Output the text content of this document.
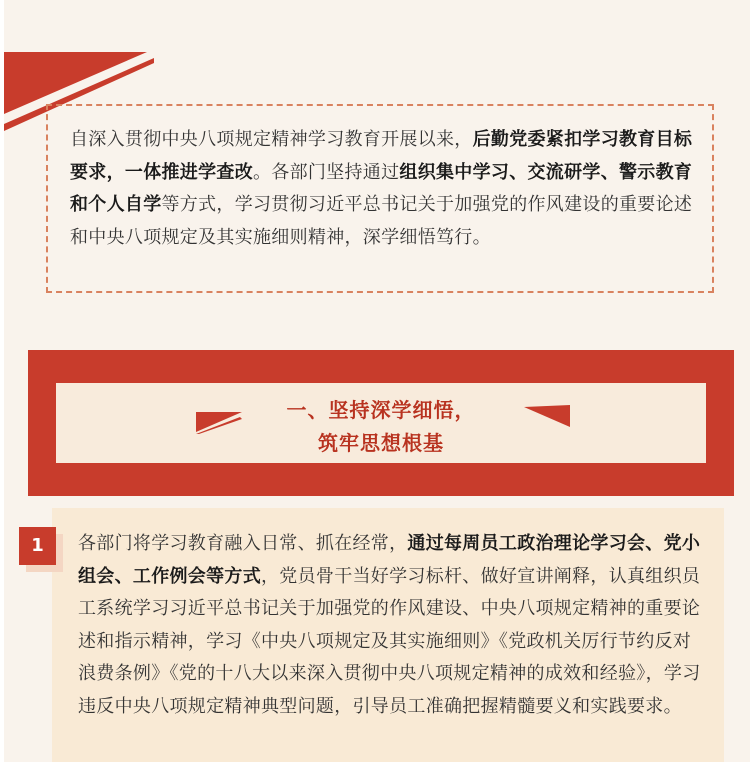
自深入贯彻中央八项规定精神学习教育开展以来，后勤党委紧扣学习教育目标要求，一体推进学查改。各部门坚持通过组织集中学习、交流研学、警示教育和个人自学等方式，学习贯彻习近平总书记关于加强党的作风建设的重要论述和中央八项规定及其实施细则精神，深学细悟笃行。

一、坚持深学细悟，
筑牢思想根基
1	各部门将学习教育融入日常、抓在经常，通过每周员工政治理论学习会、党小组会、工作例会等方式，党员骨干当好学习标杆、做好宣讲阐释，认真组织员工系统学习习近平总书记关于加强党的作风建设、中央八项规定精神的重要论述和指示精神，学习《中央八项规定及其实施细则》《党政机关厉行节约反对浪费条例》《党的十八大以来深入贯彻中央八项规定精神的成效和经验》，学习违反中央八项规定精神典型问题，引导员工准确把握精髓要义和实践要求。
